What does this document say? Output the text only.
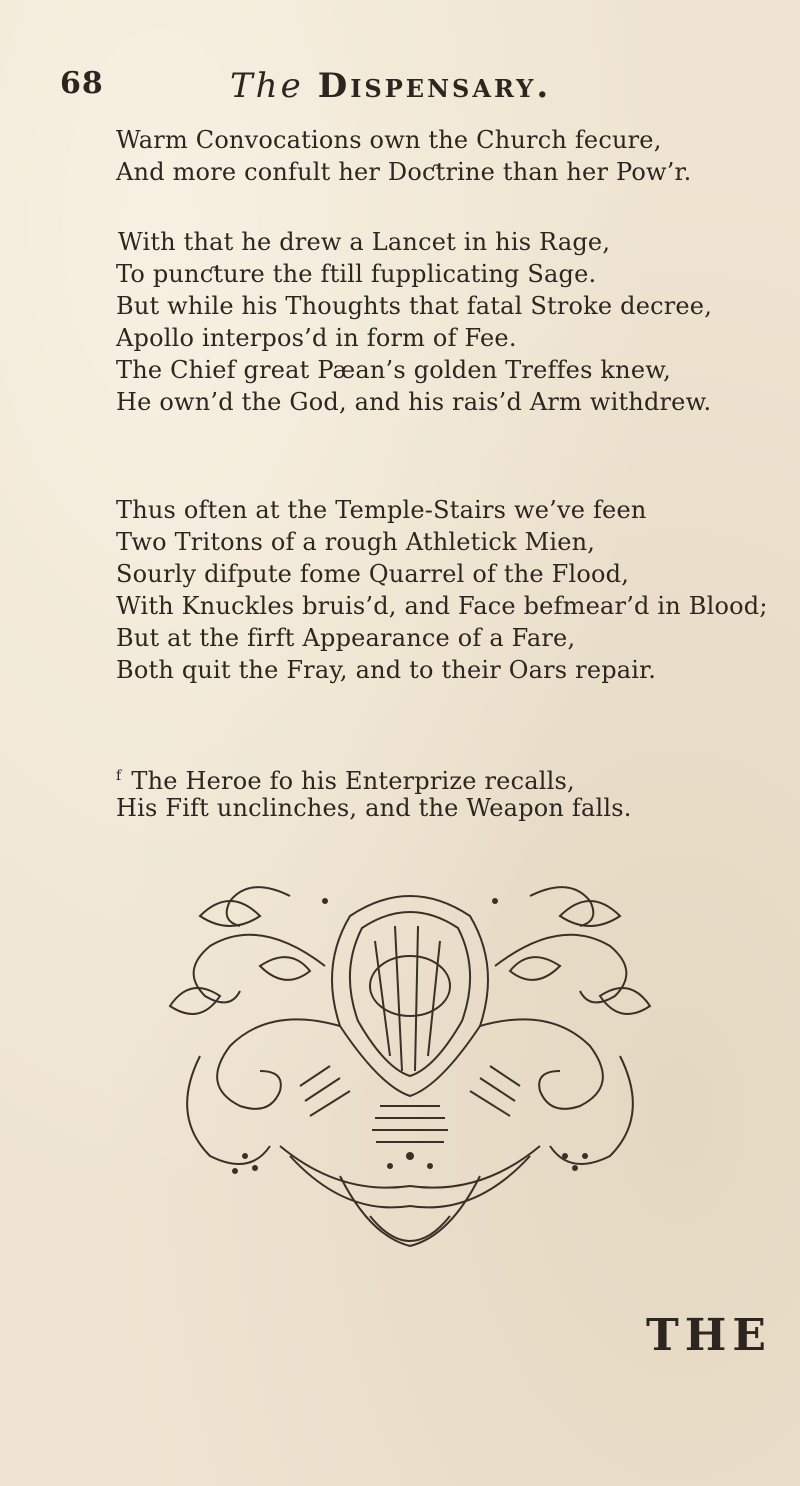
68	The Dispensary.
Warm Convocations own the Church fecure,
And more confult her Doƈtrine than her Pow’r.
With that he drew a Lancet in his Rage,
To punƈture the ftill fupplicating Sage.
But while his Thoughts that fatal Stroke decree,
Apollo interpos’d in form of Fee.
The Chief great Pæan’s golden Treffes knew,
He own’d the God, and his rais’d Arm withdrew.
Thus often at the Temple-Stairs we’ve feen
Two Tritons of a rough Athletick Mien,
Sourly difpute fome Quarrel of the Flood,
With Knuckles bruis’d, and Face befmear’d in Blood;
But at the firft Appearance of a Fare,
Both quit the Fray, and to their Oars repair.
$^f$ The Heroe fo his Enterprize recalls,
His Fift unclinches, and the Weapon falls.
THE
